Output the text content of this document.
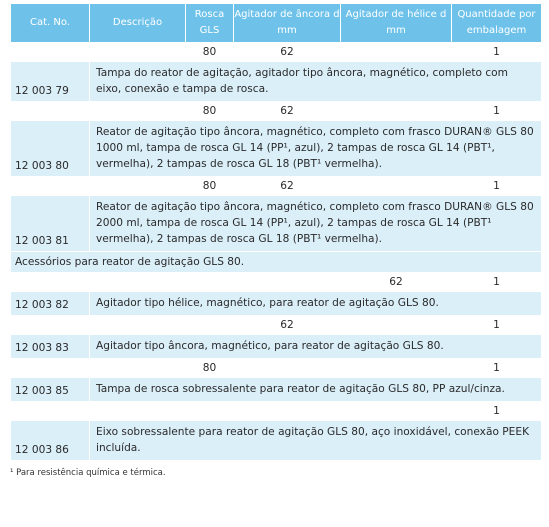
Cat. No.	Descrição	Rosca GLS	Agitador de âncora d mm	Agitador de hélice d mm	Quantidade por embalagem
		80	62		1
12 003 79	Tampa do reator de agitação, agitador tipo âncora, magnético, completo com eixo, conexão e tampa de rosca.				
		80	62		1
12 003 80	Reator de agitação tipo âncora, magnético, completo com frasco DURAN® GLS 80 1000 ml, tampa de rosca GL 14 (PP¹, azul), 2 tampas de rosca GL 14 (PBT¹, vermelha), 2 tampas de rosca GL 18 (PBT¹ vermelha).				
		80	62		1
12 003 81	Reator de agitação tipo âncora, magnético, completo com frasco DURAN® GLS 80 2000 ml, tampa de rosca GL 14 (PP¹, azul), 2 tampas de rosca GL 14 (PBT¹ vermelha), 2 tampas de rosca GL 18 (PBT¹ vermelha).				
Acessórios para reator de agitação GLS 80.					
				62	1
12 003 82	Agitador tipo hélice, magnético, para reator de agitação GLS 80.				
			62		1
12 003 83	Agitador tipo âncora, magnético, para reator de agitação GLS 80.				
		80			1
12 003 85	Tampa de rosca sobressalente para reator de agitação GLS 80, PP azul/cinza.				
					1
12 003 86	Eixo sobressalente para reator de agitação GLS 80, aço inoxidável, conexão PEEK incluída.				
¹ Para resistência química e térmica.
